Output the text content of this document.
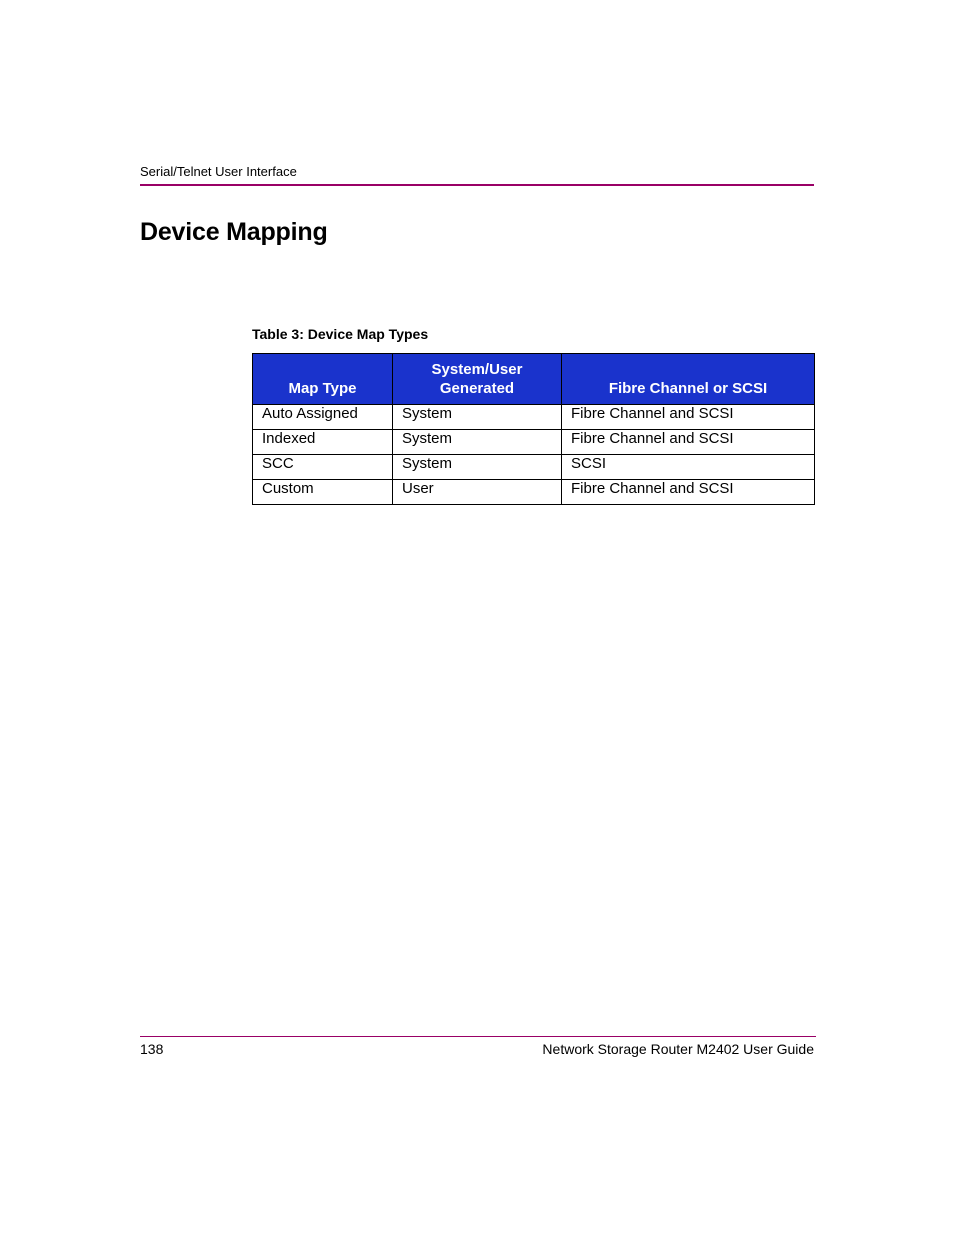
Serial/Telnet User Interface
Device Mapping
Table 3: Device Map Types
Map Type	System/User Generated	Fibre Channel or SCSI
Auto Assigned	System	Fibre Channel and SCSI
Indexed	System	Fibre Channel and SCSI
SCC	System	SCSI
Custom	User	Fibre Channel and SCSI
138	Network Storage Router M2402 User Guide
